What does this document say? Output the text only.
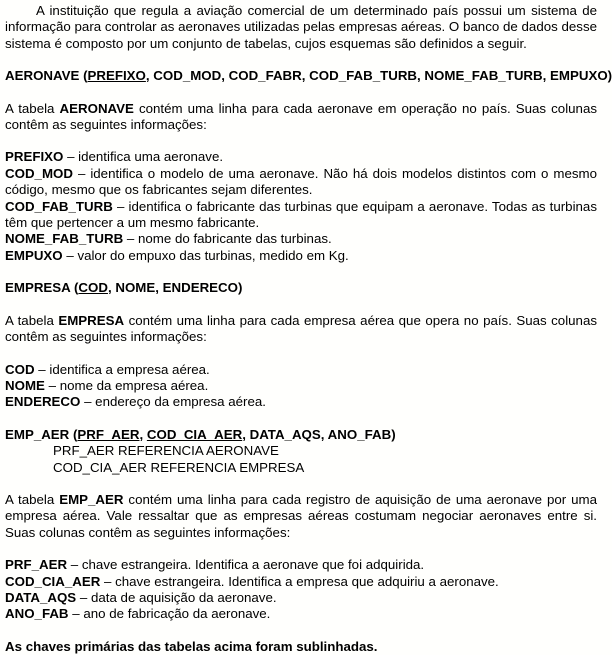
A instituição que regula a aviação comercial de um determinado país possui um sistema de informação para controlar as aeronaves utilizadas pelas empresas aéreas. O banco de dados desse sistema é composto por um conjunto de tabelas, cujos esquemas são definidos a seguir.

AERONAVE (PREFIXO, COD_MOD, COD_FABR, COD_FAB_TURB, NOME_FAB_TURB, EMPUXO)

A tabela AERONAVE contém uma linha para cada aeronave em operação no país. Suas colunas contêm as seguintes informações:

PREFIXO – identifica uma aeronave.

COD_MOD – identifica o modelo de uma aeronave. Não há dois modelos distintos com o mesmo código, mesmo que os fabricantes sejam diferentes.

COD_FAB_TURB – identifica o fabricante das turbinas que equipam a aeronave. Todas as turbinas têm que pertencer a um mesmo fabricante.

NOME_FAB_TURB – nome do fabricante das turbinas.

EMPUXO – valor do empuxo das turbinas, medido em Kg.

EMPRESA (COD, NOME, ENDERECO)

A tabela EMPRESA contém uma linha para cada empresa aérea que opera no país. Suas colunas contêm as seguintes informações:

COD – identifica a empresa aérea.

NOME – nome da empresa aérea.

ENDERECO – endereço da empresa aérea.

EMP_AER (PRF_AER, COD_CIA_AER, DATA_AQS, ANO_FAB)

PRF_AER REFERENCIA AERONAVE

COD_CIA_AER REFERENCIA EMPRESA

A tabela EMP_AER contém uma linha para cada registro de aquisição de uma aeronave por uma empresa aérea. Vale ressaltar que as empresas aéreas costumam negociar aeronaves entre si. Suas colunas contêm as seguintes informações:

PRF_AER – chave estrangeira. Identifica a aeronave que foi adquirida.

COD_CIA_AER – chave estrangeira. Identifica a empresa que adquiriu a aeronave.

DATA_AQS – data de aquisição da aeronave.

ANO_FAB – ano de fabricação da aeronave.

As chaves primárias das tabelas acima foram sublinhadas.
